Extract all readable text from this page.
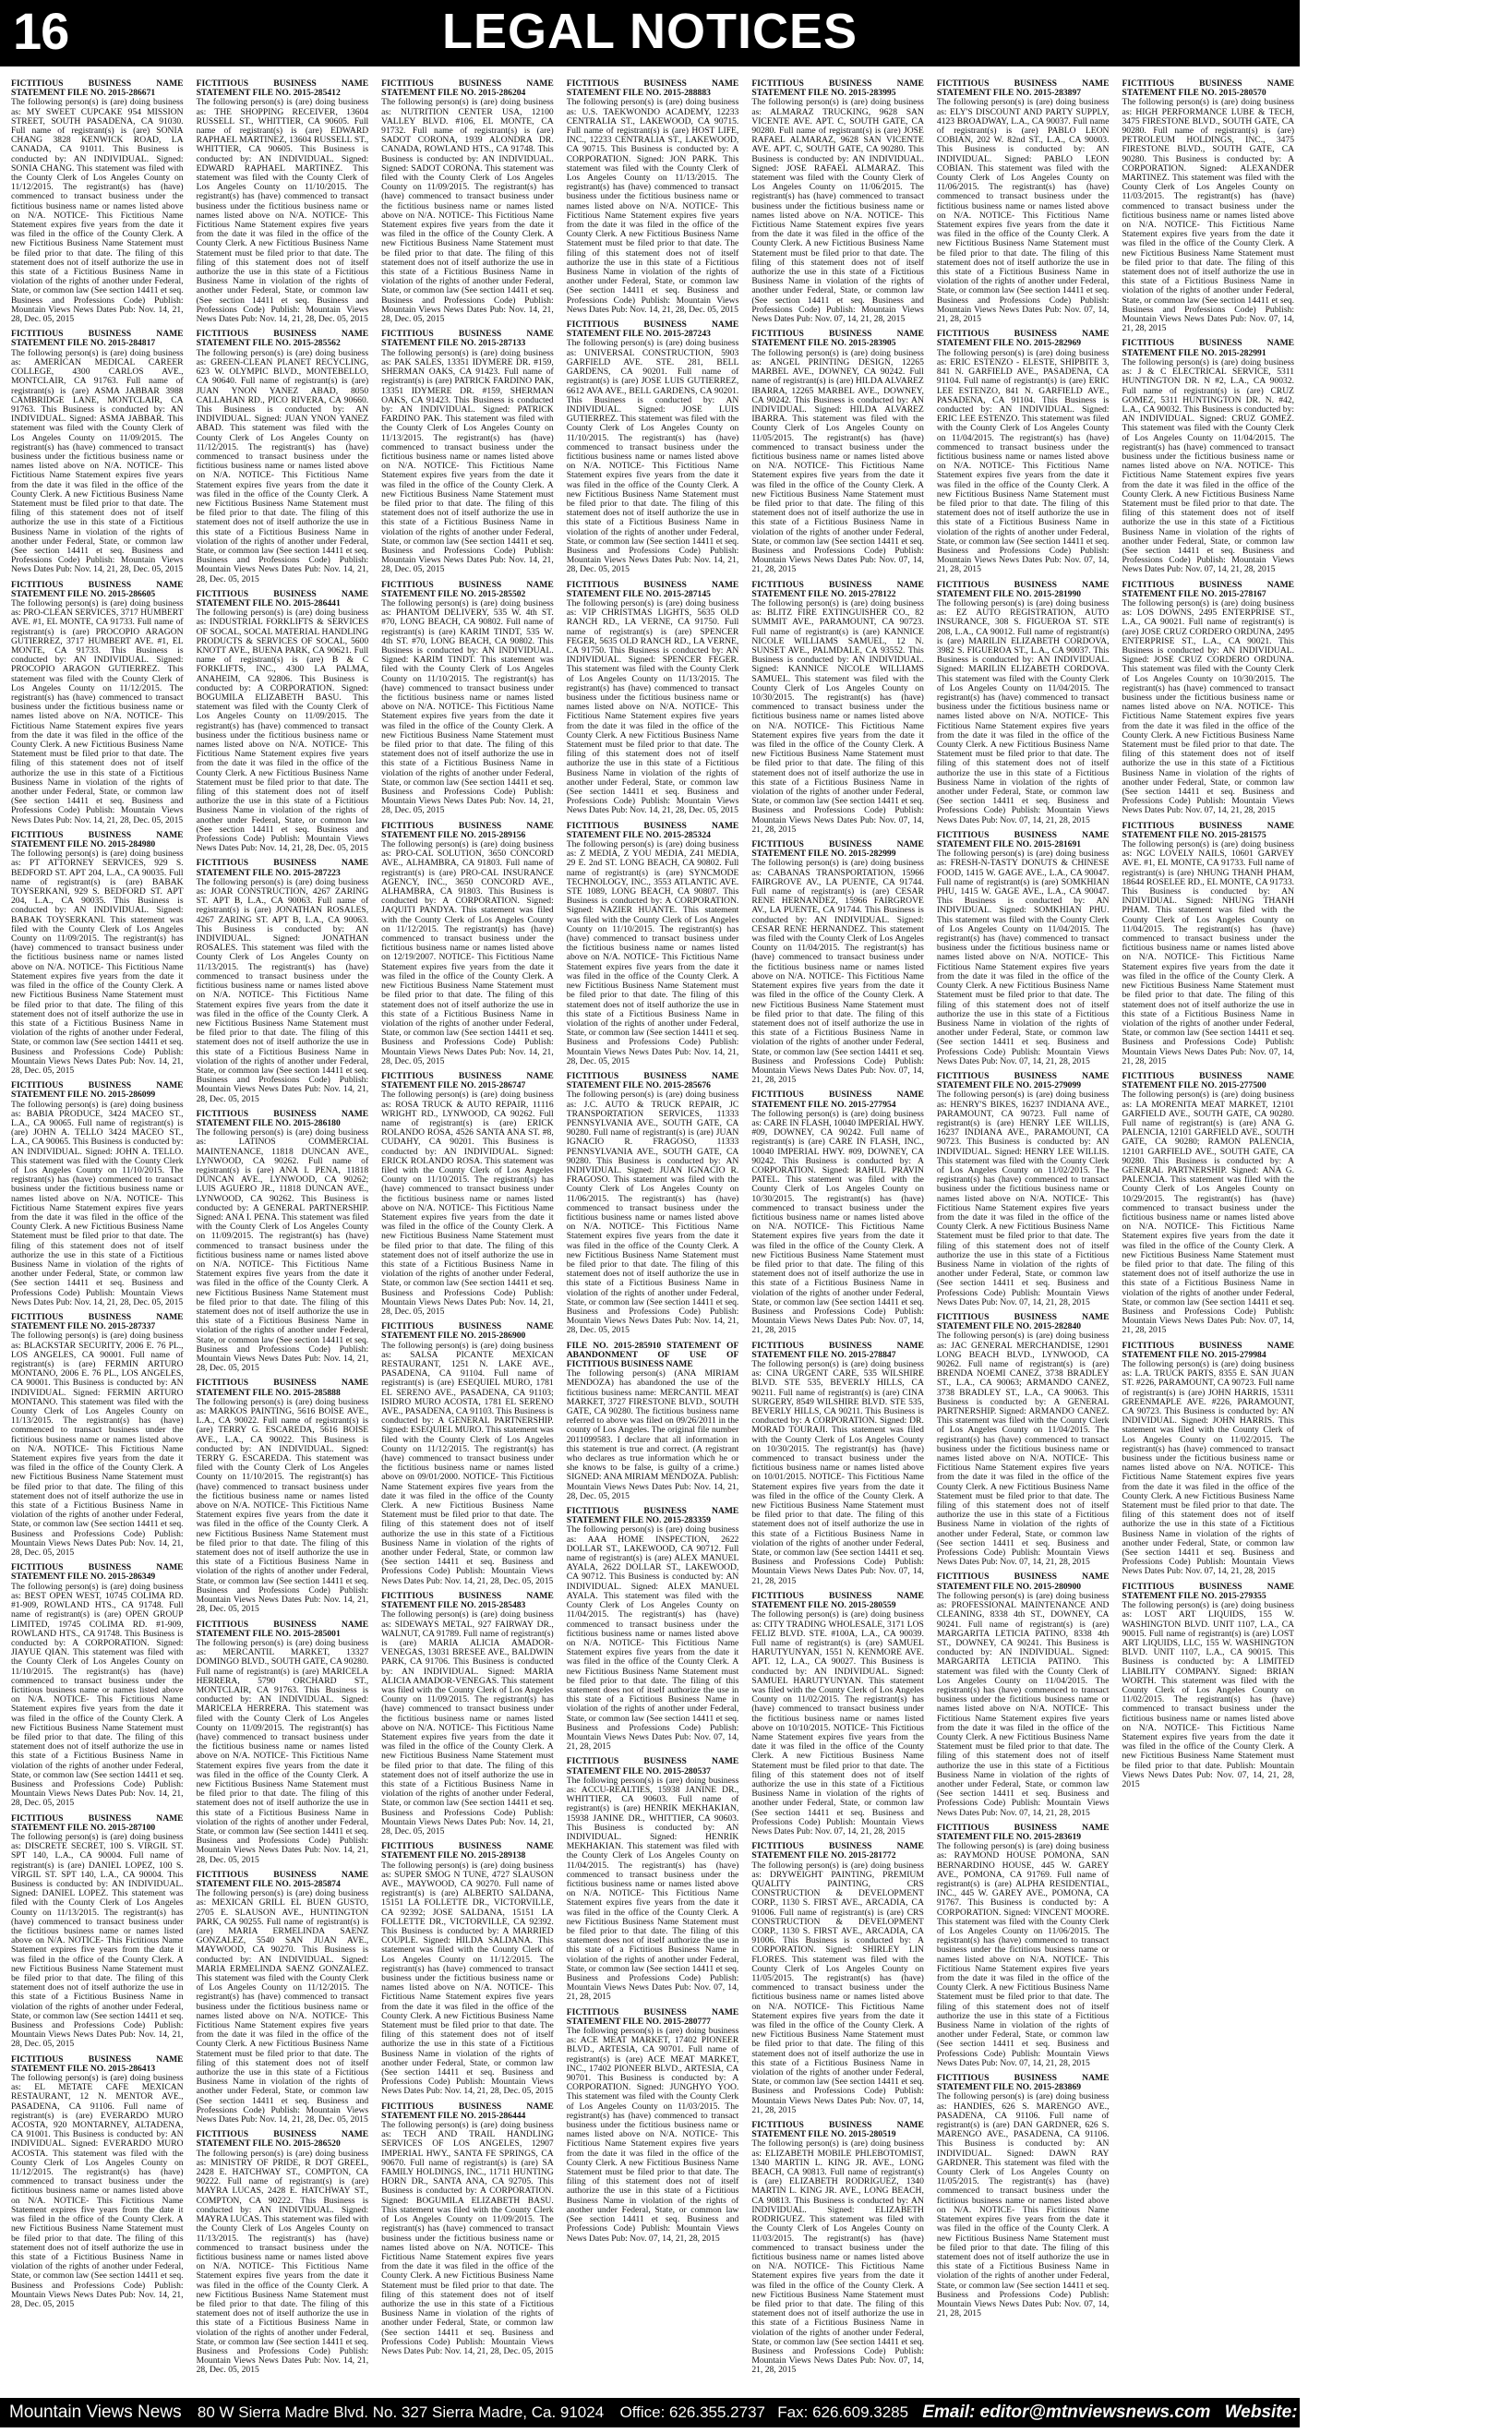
16	LEGAL NOTICES
FICTITIOUS BUSINESS NAME STATEMENT FILE NO. 2015-286671
The following person(s) is (are) doing business as: MY SWEET CUPCAKE 954 MISSION STREET, SOUTH PASADENA, CA 91030. Full name of registrant(s) is (are) SONIA CHANG 3828 KENWICK ROAD, LA CANADA, CA 91011. This Business is conducted by: AN INDIVIDUAL. Signed: SONIA CHANG. This statement was filed with the County Clerk of Los Angeles County on 11/12/2015. The registrant(s) has (have) commenced to transact business under the fictitious business name or names listed above on N/A. NOTICE- This Fictitious Name Statement expires five years from the date it was filed in the office of the County Clerk. A new Fictitious Business Name Statement must be filed prior to that date. The filing of this statement does not of itself authorize the use in this state of a Fictitious Business Name in violation of the rights of another under Federal, State, or common law (See section 14411 et seq. Business and Professions Code) Publish: Mountain Views News Dates Pub: Nov. 14, 21, 28, Dec. 05, 2015
FICTITIOUS BUSINESS NAME STATEMENT FILE NO. 2015-284817
The following person(s) is (are) doing business as: AMERICAN MEDICAL CAREER COLLEGE, 4300 CARLOS AVE., MONTCLAIR, CA 91763. Full name of registrant(s) is (are) ASMA JABBAR 3988 CAMBRIDGE LANE, MONTCLAIR, CA 91763. This Business is conducted by: AN INDIVIDUAL. Signed: ASMA JABBAR. This statement was filed with the County Clerk of Los Angeles County on 11/09/2015. The registrant(s) has (have) commenced to transact business under the fictitious business name or names listed above on N/A. NOTICE- This Fictitious Name Statement expires five years from the date it was filed in the office of the County Clerk. A new Fictitious Business Name Statement must be filed prior to that date. The filing of this statement does not of itself authorize the use in this state of a Fictitious Business Name in violation of the rights of another under Federal, State, or common law (See section 14411 et seq. Business and Professions Code) Publish: Mountain Views News Dates Pub: Nov. 14, 21, 28, Dec. 05, 2015
FICTITIOUS BUSINESS NAME STATEMENT FILE NO. 2015-286605
The following person(s) is (are) doing business as: PRO-CLEAN SERVICES, 3717 HUMBERT AVE. #1, EL MONTE, CA 91733. Full name of registrant(s) is (are) PROCOPIO ARAGON GUTIERREZ, 3717 HUMBERT AVE. #1, EL MONTE, CA 91733. This Business is conducted by: AN INDIVIDUAL. Signed: PROCOPIO ARAGON GUTIERREZ. This statement was filed with the County Clerk of Los Angeles County on 11/12/2015. The registrant(s) has (have) commenced to transact business under the fictitious business name or names listed above on N/A. NOTICE- This Fictitious Name Statement expires five years from the date it was filed in the office of the County Clerk. A new Fictitious Business Name Statement must be filed prior to that date. The filing of this statement does not of itself authorize the use in this state of a Fictitious Business Name in violation of the rights of another under Federal, State, or common law (See section 14411 et seq. Business and Professions Code) Publish: Mountain Views News Dates Pub: Nov. 14, 21, 28, Dec. 05, 2015
FICTITIOUS BUSINESS NAME STATEMENT FILE NO. 2015-284980
The following person(s) is (are) doing business as: PT ATTORNEY SERVICES, 929 S. BEDFORD ST. APT 204, L.A., CA 90035. Full name of registrant(s) is (are) BABAK TOYSERKANI, 929 S. BEDFORD ST. APT 204, L.A., CA 90035. This Business is conducted by: AN INDIVIDUAL. Signed: BABAK TOYSERKANI. This statement was filed with the County Clerk of Los Angeles County on 11/09/2015. The registrant(s) has (have) commenced to transact business under the fictitious business name or names listed above on N/A. NOTICE- This Fictitious Name Statement expires five years from the date it was filed in the office of the County Clerk. A new Fictitious Business Name Statement must be filed prior to that date. The filing of this statement does not of itself authorize the use in this state of a Fictitious Business Name in violation of the rights of another under Federal, State, or common law (See section 14411 et seq. Business and Professions Code) Publish: Mountain Views News Dates Pub: Nov. 14, 21, 28, Dec. 05, 2015
FICTITIOUS BUSINESS NAME STATEMENT FILE NO. 2015-286099
The following person(s) is (are) doing business as: BABIA PRODUCE, 3424 MACEO ST., L.A., CA 90065. Full name of registrant(s) is (are) JOHN A. TELLO 3424 MACEO ST., L.A., CA 90065. This Business is conducted by: AN INDIVIDUAL. Signed: JOHN A. TELLO. This statement was filed with the County Clerk of Los Angeles County on 11/10/2015. The registrant(s) has (have) commenced to transact business under the fictitious business name or names listed above on N/A. NOTICE- This Fictitious Name Statement expires five years from the date it was filed in the office of the County Clerk. A new Fictitious Business Name Statement must be filed prior to that date. The filing of this statement does not of itself authorize the use in this state of a Fictitious Business Name in violation of the rights of another under Federal, State, or common law (See section 14411 et seq. Business and Professions Code) Publish: Mountain Views News Dates Pub: Nov. 14, 21, 28, Dec. 05, 2015
FICTITIOUS BUSINESS NAME STATEMENT FILE NO. 2015-287337
The following person(s) is (are) doing business as: BLACKSTAR SECURITY, 2006 E. 76 PL., LOS ANGELES, CA 90001. Full name of registrant(s) is (are) FERMIN ARTURO MONTANO, 2006 E. 76 PL., LOS ANGELES, CA 90001. This Business is conducted by: AN INDIVIDUAL. Signed: FERMIN ARTURO MONTANO. This statement was filed with the County Clerk of Los Angeles County on 11/13/2015. The registrant(s) has (have) commenced to transact business under the fictitious business name or names listed above on N/A. NOTICE- This Fictitious Name Statement expires five years from the date it was filed in the office of the County Clerk. A new Fictitious Business Name Statement must be filed prior to that date. The filing of this statement does not of itself authorize the use in this state of a Fictitious Business Name in violation of the rights of another under Federal, State, or common law (See section 14411 et seq. Business and Professions Code) Publish: Mountain Views News Dates Pub: Nov. 14, 21, 28, Dec. 05, 2015
FICTITIOUS BUSINESS NAME STATEMENT FILE NO. 2015-286349
The following person(s) is (are) doing business as: BEST OPEN WEST, 10745 COLIMA RD. #1-909, ROWLAND HTS., CA 91748. Full name of registrant(s) is (are) OPEN GROUP LIMITED, 19745 COLIMA RD. #1-909, ROWLAND HTS., CA 91748. This Business is conducted by: A CORPORATION. Signed: JIAYUE QIAN. This statement was filed with the County Clerk of Los Angeles County on 11/10/2015. The registrant(s) has (have) commenced to transact business under the fictitious business name or names listed above on N/A. NOTICE- This Fictitious Name Statement expires five years from the date it was filed in the office of the County Clerk. A new Fictitious Business Name Statement must be filed prior to that date. The filing of this statement does not of itself authorize the use in this state of a Fictitious Business Name in violation of the rights of another under Federal, State, or common law (See section 14411 et seq. Business and Professions Code) Publish: Mountain Views News Dates Pub: Nov. 14, 21, 28, Dec. 05, 2015
FICTITIOUS BUSINESS NAME STATEMENT FILE NO. 2015-287100
The following person(s) is (are) doing business as: DISCRETE SECRET, 100 S. VIRGIL ST. SPT 140, L.A., CA 90004. Full name of registrant(s) is (are) DANIEL LOPEZ, 100 S. VIRGIL ST. SPT 140, L.A., CA 90004. This Business is conducted by: AN INDIVIDUAL. Signed: DANIEL LOPEZ. This statement was filed with the County Clerk of Los Angeles County on 11/13/2015. The registrant(s) has (have) commenced to transact business under the fictitious business name or names listed above on N/A. NOTICE- This Fictitious Name Statement expires five years from the date it was filed in the office of the County Clerk. A new Fictitious Business Name Statement must be filed prior to that date. The filing of this statement does not of itself authorize the use in this state of a Fictitious Business Name in violation of the rights of another under Federal, State, or common law (See section 14411 et seq. Business and Professions Code) Publish: Mountain Views News Dates Pub: Nov. 14, 21, 28, Dec. 05, 2015
FICTITIOUS BUSINESS NAME STATEMENT FILE NO. 2015-286413
The following person(s) is (are) doing business as: EL METATE CAFE MEXICAN RESTAURANT, 12 N. MENTOR AVE., PASADENA, CA 91106. Full name of registrant(s) is (are) EVERARDO MURO ACOSTA, 920 MONTARNEY, ALTADENA, CA 91001. This Business is conducted by: AN INDIVIDUAL. Signed: EVERARDO MURO ACOSTA. This statement was filed with the County Clerk of Los Angeles County on 11/12/2015. The registrant(s) has (have) commenced to transact business under the fictitious business name or names listed above on N/A. NOTICE- This Fictitious Name Statement expires five years from the date it was filed in the office of the County Clerk. A new Fictitious Business Name Statement must be filed prior to that date. The filing of this statement does not of itself authorize the use in this state of a Fictitious Business Name in violation of the rights of another under Federal, State, or common law (See section 14411 et seq. Business and Professions Code) Publish: Mountain Views News Dates Pub: Nov. 14, 21, 28, Dec. 05, 2015
FICTITIOUS BUSINESS NAME STATEMENT FILE NO. 2015-285412
The following person(s) is (are) doing business as: THE SHOPPING RECEIVER, 13604 RUSSELL ST., WHITTIER, CA 90605. Full name of registrant(s) is (are) EDWARD RAPHAEL MARTINEZ, 13604 RUSSELL ST., WHITTIER, CA 90605. This Business is conducted by: AN INDIVIDUAL. Signed: EDWARD RAPHAEL MARTINEZ. This statement was filed with the County Clerk of Los Angeles County on 11/10/2015. The registrant(s) has (have) commenced to transact business under the fictitious business name or names listed above on N/A. NOTICE- This Fictitious Name Statement expires five years from the date it was filed in the office of the County Clerk. A new Fictitious Business Name Statement must be filed prior to that date. The filing of this statement does not of itself authorize the use in this state of a Fictitious Business Name in violation of the rights of another under Federal, State, or common law (See section 14411 et seq. Business and Professions Code) Publish: Mountain Views News Dates Pub: Nov. 14, 21, 28, Dec. 05, 2015
FICTITIOUS BUSINESS NAME STATEMENT FILE NO. 2015-285562
The following person(s) is (are) doing business as: GREEN-CLEAN PLANET RECYCLING, 623 W. OLYMPIC BLVD., MONTEBELLO, CA 90640. Full name of registrant(s) is (are) JUAN YNON YANEZ ABAD, 8050 CALLAHAN RD., PICO RIVERA, CA 90660. This Business is conducted by: AN INDIVIDUAL. Signed: JUAN YNON YANEZ ABAD. This statement was filed with the County Clerk of Los Angeles County on 11/12/2015. The registrant(s) has (have) commenced to transact business under the fictitious business name or names listed above on N/A. NOTICE- This Fictitious Name Statement expires five years from the date it was filed in the office of the County Clerk. A new Fictitious Business Name Statement must be filed prior to that date. The filing of this statement does not of itself authorize the use in this state of a Fictitious Business Name in violation of the rights of another under Federal, State, or common law (See section 14411 et seq. Business and Professions Code) Publish: Mountain Views News Dates Pub: Nov. 14, 21, 28, Dec. 05, 2015
FICTITIOUS BUSINESS NAME STATEMENT FILE NO. 2015-286441
The following person(s) is (are) doing business as: INDUSTRIAL FORKLIFTS & SERVICES OF SOCAL, SOCAL MATERIAL HANDLING PRODUCTS & SERVICES OF SOCAL, 5600 KNOTT AVE., BUENA PARK, CA 90621. Full name of registrant(s) is (are) B & C FORKLIFTS, INC., 4300 LA PALMA, ANAHEIM, CA 92806. This Business is conducted by: A CORPORATION. Signed: BOGUMILA ELIZABETH BASU. This statement was filed with the County Clerk of Los Angeles County on 11/09/2015. The registrant(s) has (have) commenced to transact business under the fictitious business name or names listed above on N/A. NOTICE- This Fictitious Name Statement expires five years from the date it was filed in the office of the County Clerk. A new Fictitious Business Name Statement must be filed prior to that date. The filing of this statement does not of itself authorize the use in this state of a Fictitious Business Name in violation of the rights of another under Federal, State, or common law (See section 14411 et seq. Business and Professions Code) Publish: Mountain Views News Dates Pub: Nov. 14, 21, 28, Dec. 05, 2015
FICTITIOUS BUSINESS NAME STATEMENT FILE NO. 2015-287223
The following person(s) is (are) doing business as: JOAR CONSTRUCTION, 4267 ZARING ST. APT B, L.A., CA 90063. Full name of registrant(s) is (are) JONATHAN ROSALES, 4267 ZARING ST. APT B, L.A., CA 90063. This Business is conducted by: AN INDIVIDUAL. Signed: JONATHAN ROSALES. This statement was filed with the County Clerk of Los Angeles County on 11/13/2015. The registrant(s) has (have) commenced to transact business under the fictitious business name or names listed above on N/A. NOTICE- This Fictitious Name Statement expires five years from the date it was filed in the office of the County Clerk. A new Fictitious Business Name Statement must be filed prior to that date. The filing of this statement does not of itself authorize the use in this state of a Fictitious Business Name in violation of the rights of another under Federal, State, or common law (See section 14411 et seq. Business and Professions Code) Publish: Mountain Views News Dates Pub: Nov. 14, 21, 28, Dec. 05, 2015
FICTITIOUS BUSINESS NAME STATEMENT FILE NO. 2015-286180
The following person(s) is (are) doing business as: LATINOS COMMERCIAL MAINTENANCE, 11818 DUNCAN AVE., LYNWOOD, CA 90262. Full name of registrant(s) is (are) ANA I. PENA, 11818 DUNCAN AVE., LYNWOOD, CA 90262; LUIS AGUERO JR., 11818 DUNCAN AVE., LYNWOOD, CA 90262. This Business is conducted by: A GENERAL PARTNERSHIP. Signed: ANA I. PENA. This statement was filed with the County Clerk of Los Angeles County on 11/09/2015. The registrant(s) has (have) commenced to transact business under the fictitious business name or names listed above on N/A. NOTICE- This Fictitious Name Statement expires five years from the date it was filed in the office of the County Clerk. A new Fictitious Business Name Statement must be filed prior to that date. The filing of this statement does not of itself authorize the use in this state of a Fictitious Business Name in violation of the rights of another under Federal, State, or common law (See section 14411 et seq. Business and Professions Code) Publish: Mountain Views News Dates Pub: Nov. 14, 21, 28, Dec. 05, 2015
FICTITIOUS BUSINESS NAME STATEMENT FILE NO. 2015-285888
The following person(s) is (are) doing business as: MARKOS PAINTING, 5616 BOISE AVE., L.A., CA 90022. Full name of registrant(s) is (are) TERRY G. ESCAREDA, 5616 BOISE AVE., L.A., CA 90022. This Business is conducted by: AN INDIVIDUAL. Signed: TERRY G. ESCAREDA. This statement was filed with the County Clerk of Los Angeles County on 11/10/2015. The registrant(s) has (have) commenced to transact business under the fictitious business name or names listed above on N/A. NOTICE- This Fictitious Name Statement expires five years from the date it was filed in the office of the County Clerk. A new Fictitious Business Name Statement must be filed prior to that date. The filing of this statement does not of itself authorize the use in this state of a Fictitious Business Name in violation of the rights of another under Federal, State, or common law (See section 14411 et seq. Business and Professions Code) Publish: Mountain Views News Dates Pub: Nov. 14, 21, 28, Dec. 05, 2015
FICTITIOUS BUSINESS NAME STATEMENT FILE NO. 2015-285001
The following person(s) is (are) doing business as: MERCANTIL MARKET, 13327 DOMINGO BLVD., SOUTH GATE, CA 90280. Full name of registrant(s) is (are) MARICELA HERRERA, 5790 ORCHARD ST., MONTCLAIR, CA 91763. This Business is conducted by: AN INDIVIDUAL. Signed: MARICELA HERRERA. This statement was filed with the County Clerk of Los Angeles County on 11/09/2015. The registrant(s) has (have) commenced to transact business under the fictitious business name or names listed above on N/A. NOTICE- This Fictitious Name Statement expires five years from the date it was filed in the office of the County Clerk. A new Fictitious Business Name Statement must be filed prior to that date. The filing of this statement does not of itself authorize the use in this state of a Fictitious Business Name in violation of the rights of another under Federal, State, or common law (See section 14411 et seq. Business and Professions Code) Publish: Mountain Views News Dates Pub: Nov. 14, 21, 28, Dec. 05, 2015
FICTITIOUS BUSINESS NAME STATEMENT FILE NO. 2015-285874
The following person(s) is (are) doing business as: MEXICAN GRILL EL BUEN GUSTO, 2705 E. SLAUSON AVE., HUNTINGTON PARK, CA 90255. Full name of registrant(s) is (are) MARIA ERMELINDA SAENZ GONZALEZ, 5540 SAN JUAN AVE., MAYWOOD, CA 90270. This Business is conducted by: AN INDIVIDUAL. Signed: MARIA ERMELINDA SAENZ GONZALEZ. This statement was filed with the County Clerk of Los Angeles County on 11/12/2015. The registrant(s) has (have) commenced to transact business under the fictitious business name or names listed above on N/A. NOTICE- This Fictitious Name Statement expires five years from the date it was filed in the office of the County Clerk. A new Fictitious Business Name Statement must be filed prior to that date. The filing of this statement does not of itself authorize the use in this state of a Fictitious Business Name in violation of the rights of another under Federal, State, or common law (See section 14411 et seq. Business and Professions Code) Publish: Mountain Views News Dates Pub: Nov. 14, 21, 28, Dec. 05, 2015
FICTITIOUS BUSINESS NAME STATEMENT FILE NO. 2015-286520
The following person(s) is (are) doing business as: MINISTRY OF PRIDE, R DOT GREEL, 2428 E. HATCHWAY ST., COMPTON, CA 90222. Full name of registrant(s) is (are) MAYRA LUCAS, 2428 E. HATCHWAY ST., COMPTON, CA 90222. This Business is conducted by: AN INDIVIDUAL. Signed: MAYRA LUCAS. This statement was filed with the County Clerk of Los Angeles County on 11/13/2015. The registrant(s) has (have) commenced to transact business under the fictitious business name or names listed above on N/A. NOTICE- This Fictitious Name Statement expires five years from the date it was filed in the office of the County Clerk. A new Fictitious Business Name Statement must be filed prior to that date. The filing of this statement does not of itself authorize the use in this state of a Fictitious Business Name in violation of the rights of another under Federal, State, or common law (See section 14411 et seq. Business and Professions Code) Publish: Mountain Views News Dates Pub: Nov. 14, 21, 28, Dec. 05, 2015
FICTITIOUS BUSINESS NAME STATEMENT FILE NO. 2015-286204
The following person(s) is (are) doing business as: NUTRITION CENTER USA, 12100 VALLEY BLVD. #106, EL MONTE, CA 91732. Full name of registrant(s) is (are) SADOT CORONA, 1939 ALONDRA DR. CANADA, ROWLAND HTS., CA 91748. This Business is conducted by: AN INDIVIDUAL. Signed: SADOT CORONA. This statement was filed with the County Clerk of Los Angeles County on 11/09/2015. The registrant(s) has (have) commenced to transact business under the fictitious business name or names listed above on N/A. NOTICE- This Fictitious Name Statement expires five years from the date it was filed in the office of the County Clerk. A new Fictitious Business Name Statement must be filed prior to that date. The filing of this statement does not of itself authorize the use in this state of a Fictitious Business Name in violation of the rights of another under Federal, State, or common law (See section 14411 et seq. Business and Professions Code) Publish: Mountain Views News Dates Pub: Nov. 14, 21, 28, Dec. 05, 2015
FICTITIOUS BUSINESS NAME STATEMENT FILE NO. 2015-287133
The following person(s) is (are) doing business as: PAK SALES, 13351 IDYMERE DR. #159, SHERMAN OAKS, CA 91423. Full name of registrant(s) is (are) PATRICK FARDINO PAK, 13351 IDYMERE DR. #159, SHERMAN OAKS, CA 91423. This Business is conducted by: AN INDIVIDUAL. Signed: PATRICK FARDINO PAK. This statement was filed with the County Clerk of Los Angeles County on 11/13/2015. The registrant(s) has (have) commenced to transact business under the fictitious business name or names listed above on N/A. NOTICE- This Fictitious Name Statement expires five years from the date it was filed in the office of the County Clerk. A new Fictitious Business Name Statement must be filed prior to that date. The filing of this statement does not of itself authorize the use in this state of a Fictitious Business Name in violation of the rights of another under Federal, State, or common law (See section 14411 et seq. Business and Professions Code) Publish: Mountain Views News Dates Pub: Nov. 14, 21, 28, Dec. 05, 2015
FICTITIOUS BUSINESS NAME STATEMENT FILE NO. 2015-285502
The following person(s) is (are) doing business as: PHANTOM DELIVERY, 535 W. 4th ST. #70, LONG BEACH, CA 90802. Full name of registrant(s) is (are) KARIM TINDT, 535 W. 4th ST. #70, LONG BEACH, CA 90802. This Business is conducted by: AN INDIVIDUAL. Signed: KARIM TINDT. This statement was filed with the County Clerk of Los Angeles County on 11/10/2015. The registrant(s) has (have) commenced to transact business under the fictitious business name or names listed above on N/A. NOTICE- This Fictitious Name Statement expires five years from the date it was filed in the office of the County Clerk. A new Fictitious Business Name Statement must be filed prior to that date. The filing of this statement does not of itself authorize the use in this state of a Fictitious Business Name in violation of the rights of another under Federal, State, or common law (See section 14411 et seq. Business and Professions Code) Publish: Mountain Views News Dates Pub: Nov. 14, 21, 28, Dec. 05, 2015
FICTITIOUS BUSINESS NAME STATEMENT FILE NO. 2015-289156
The following person(s) is (are) doing business as: PRO-CAL SOLUTION, 3650 CONCORD AVE., ALHAMBRA, CA 91803. Full name of registrant(s) is (are) PRO-CAL INSURANCE AGENCY, INC., 3650 CONCORD AVE., ALHAMBRA, CA 91803. This Business is conducted by: A CORPORATION. Signed: JAQUITI PANDYA. This statement was filed with the County Clerk of Los Angeles County on 11/12/2015. The registrant(s) has (have) commenced to transact business under the fictitious business name or names listed above on 12/19/2007. NOTICE- This Fictitious Name Statement expires five years from the date it was filed in the office of the County Clerk. A new Fictitious Business Name Statement must be filed prior to that date. The filing of this statement does not of itself authorize the use in this state of a Fictitious Business Name in violation of the rights of another under Federal, State, or common law (See section 14411 et seq. Business and Professions Code) Publish: Mountain Views News Dates Pub: Nov. 14, 21, 28, Dec. 05, 2015
FICTITIOUS BUSINESS NAME STATEMENT FILE NO. 2015-286747
The following person(s) is (are) doing business as: ROSA TRUCK & AUTO REPAIR, 11116 WRIGHT RD., LYNWOOD, CA 90262. Full name of registrant(s) is (are) ERICK ROLANDO ROSA, 4526 SANTA ANA ST. #8, CUDAHY, CA 90201. This Business is conducted by: AN INDIVIDUAL. Signed: ERICK ROLANDO ROSA. This statement was filed with the County Clerk of Los Angeles County on 11/10/2015. The registrant(s) has (have) commenced to transact business under the fictitious business name or names listed above on N/A. NOTICE- This Fictitious Name Statement expires five years from the date it was filed in the office of the County Clerk. A new Fictitious Business Name Statement must be filed prior to that date. The filing of this statement does not of itself authorize the use in this state of a Fictitious Business Name in violation of the rights of another under Federal, State, or common law (See section 14411 et seq. Business and Professions Code) Publish: Mountain Views News Dates Pub: Nov. 14, 21, 28, Dec. 05, 2015
FICTITIOUS BUSINESS NAME STATEMENT FILE NO. 2015-286900
The following person(s) is (are) doing business as: SALSA PICANTE MEXICAN RESTAURANT, 1251 N. LAKE AVE., PASADENA, CA 91104. Full name of registrant(s) is (are) ESEQUIEL MURO, 1781 EL SERENO AVE., PASADENA, CA 91103; ISIDRO MURO ACOSTA, 1781 EL SERENO AVE., PASADENA, CA 91103. This Business is conducted by: A GENERAL PARTNERSHIP. Signed: ESEQUIEL MURO. This statement was filed with the County Clerk of Los Angeles County on 11/12/2015. The registrant(s) has (have) commenced to transact business under the fictitious business name or names listed above on 09/01/2000. NOTICE- This Fictitious Name Statement expires five years from the date it was filed in the office of the County Clerk. A new Fictitious Business Name Statement must be filed prior to that date. The filing of this statement does not of itself authorize the use in this state of a Fictitious Business Name in violation of the rights of another under Federal, State, or common law (See section 14411 et seq. Business and Professions Code) Publish: Mountain Views News Dates Pub: Nov. 14, 21, 28, Dec. 05, 2015
FICTITIOUS BUSINESS NAME STATEMENT FILE NO. 2015-285483
The following person(s) is (are) doing business as: SIDEWAYS METAL, 927 FAIRWAY DR., WALNUT, CA 91789. Full name of registrant(s) is (are) MARIA ALICIA AMADOR-VENEGAS, 13031 BRESEE AVE., BALDWIN PARK, CA 91706. This Business is conducted by: AN INDIVIDUAL. Signed: MARIA ALICIA AMADOR-VENEGAS. This statement was filed with the County Clerk of Los Angeles County on 11/09/2015. The registrant(s) has (have) commenced to transact business under the fictitious business name or names listed above on N/A. NOTICE- This Fictitious Name Statement expires five years from the date it was filed in the office of the County Clerk. A new Fictitious Business Name Statement must be filed prior to that date. The filing of this statement does not of itself authorize the use in this state of a Fictitious Business Name in violation of the rights of another under Federal, State, or common law (See section 14411 et seq. Business and Professions Code) Publish: Mountain Views News Dates Pub: Nov. 14, 21, 28, Dec. 05, 2015
FICTITIOUS BUSINESS NAME STATEMENT FILE NO. 2015-289138
The following person(s) is (are) doing business as: SUPER SMOG N TUNE, 4727 SLAUSON AVE., MAYWOOD, CA 90270. Full name of registrant(s) is (are) ALBERTO SALDANA, 15151 LA FOLLETTE DR., VICTORVILLE, CA 92392; JOSE SALDANA, 15151 LA FOLLETTE DR., VICTORVILLE, CA 92392. This Business is conducted by: A MARRIED COUPLE. Signed: HILDA SALDANA. This statement was filed with the County Clerk of Los Angeles County on 11/12/2015. The registrant(s) has (have) commenced to transact business under the fictitious business name or names listed above on N/A. NOTICE- This Fictitious Name Statement expires five years from the date it was filed in the office of the County Clerk. A new Fictitious Business Name Statement must be filed prior to that date. The filing of this statement does not of itself authorize the use in this state of a Fictitious Business Name in violation of the rights of another under Federal, State, or common law (See section 14411 et seq. Business and Professions Code) Publish: Mountain Views News Dates Pub: Nov. 14, 21, 28, Dec. 05, 2015
FICTITIOUS BUSINESS NAME STATEMENT FILE NO. 2015-286444
The following person(s) is (are) doing business as: TECH AND TRAIL HANDLING SERVICES OF LOS ANGELES, 12907 IMPERIAL HWY., SANTA FE SPRINGS, CA 90670. Full name of registrant(s) is (are) SA FAMILY HOLDINGS, INC., 11711 HUNTING HORN DR., SANTA ANA, CA 92705. This Business is conducted by: A CORPORATION. Signed: BOGUMILA ELIZABETH BASU. This statement was filed with the County Clerk of Los Angeles County on 11/09/2015. The registrant(s) has (have) commenced to transact business under the fictitious business name or names listed above on N/A. NOTICE- This Fictitious Name Statement expires five years from the date it was filed in the office of the County Clerk. A new Fictitious Business Name Statement must be filed prior to that date. The filing of this statement does not of itself authorize the use in this state of a Fictitious Business Name in violation of the rights of another under Federal, State, or common law (See section 14411 et seq. Business and Professions Code) Publish: Mountain Views News Dates Pub: Nov. 14, 21, 28, Dec. 05, 2015
FICTITIOUS BUSINESS NAME STATEMENT FILE NO. 2015-288883
The following person(s) is (are) doing business as: U.S. TAEKWONDO ACADEMY, 12233 CENTRALIA ST., LAKEWOOD, CA 90715. Full name of registrant(s) is (are) HOST LIFE, INC., 12233 CENTRALIA ST., LAKEWOOD, CA 90715. This Business is conducted by: A CORPORATION. Signed: JON PARK. This statement was filed with the County Clerk of Los Angeles County on 11/13/2015. The registrant(s) has (have) commenced to transact business under the fictitious business name or names listed above on N/A. NOTICE- This Fictitious Name Statement expires five years from the date it was filed in the office of the County Clerk. A new Fictitious Business Name Statement must be filed prior to that date. The filing of this statement does not of itself authorize the use in this state of a Fictitious Business Name in violation of the rights of another under Federal, State, or common law (See section 14411 et seq. Business and Professions Code) Publish: Mountain Views News Dates Pub: Nov. 14, 21, 28, Dec. 05, 2015
FICTITIOUS BUSINESS NAME STATEMENT FILE NO. 2015-287243
The following person(s) is (are) doing business as: UNIVERSAL CONSTRUCTION, 5903 GARFIELD AVE. STE. 281, BELL GARDENS, CA 90201. Full name of registrant(s) is (are) JOSE LUIS GUTIERREZ, 6612 AVA AVE., BELL GARDENS, CA 90201. This Business is conducted by: AN INDIVIDUAL. Signed: JOSE LUIS GUTIERREZ. This statement was filed with the County Clerk of Los Angeles County on 11/10/2015. The registrant(s) has (have) commenced to transact business under the fictitious business name or names listed above on N/A. NOTICE- This Fictitious Name Statement expires five years from the date it was filed in the office of the County Clerk. A new Fictitious Business Name Statement must be filed prior to that date. The filing of this statement does not of itself authorize the use in this state of a Fictitious Business Name in violation of the rights of another under Federal, State, or common law (See section 14411 et seq. Business and Professions Code) Publish: Mountain Views News Dates Pub: Nov. 14, 21, 28, Dec. 05, 2015
FICTITIOUS BUSINESS NAME STATEMENT FILE NO. 2015-287145
The following person(s) is (are) doing business as: VIP CHRISTMAS LIGHTS, 5635 OLD RANCH RD., LA VERNE, CA 91750. Full name of registrant(s) is (are) SPENCER FEGER, 5635 OLD RANCH RD., LA VERNE, CA 91750. This Business is conducted by: AN INDIVIDUAL. Signed: SPENCER FEGER. This statement was filed with the County Clerk of Los Angeles County on 11/13/2015. The registrant(s) has (have) commenced to transact business under the fictitious business name or names listed above on N/A. NOTICE- This Fictitious Name Statement expires five years from the date it was filed in the office of the County Clerk. A new Fictitious Business Name Statement must be filed prior to that date. The filing of this statement does not of itself authorize the use in this state of a Fictitious Business Name in violation of the rights of another under Federal, State, or common law (See section 14411 et seq. Business and Professions Code) Publish: Mountain Views News Dates Pub: Nov. 14, 21, 28, Dec. 05, 2015
FICTITIOUS BUSINESS NAME STATEMENT FILE NO. 2015-285324
The following person(s) is (are) doing business as: Z MEDIA, Z YOU MEDIA, Z41 MEDIA, 29 E. 2nd ST. LONG BEACH, CA 90802. Full name of registrant(s) is (are) SYNCMODE TECHNOLOGY, INC., 3553 ATLANTIC AVE. STE 1089, LONG BEACH, CA 90807. This Business is conducted by: A CORPORATION. Signed: NAZIER HUANTE. This statement was filed with the County Clerk of Los Angeles County on 11/10/2015. The registrant(s) has (have) commenced to transact business under the fictitious business name or names listed above on N/A. NOTICE- This Fictitious Name Statement expires five years from the date it was filed in the office of the County Clerk. A new Fictitious Business Name Statement must be filed prior to that date. The filing of this statement does not of itself authorize the use in this state of a Fictitious Business Name in violation of the rights of another under Federal, State, or common law (See section 14411 et seq. Business and Professions Code) Publish: Mountain Views News Dates Pub: Nov. 14, 21, 28, Dec. 05, 2015
FICTITIOUS BUSINESS NAME STATEMENT FILE NO. 2015-285676
The following person(s) is (are) doing business as: J.C. AUTO & TRUCK REPAIR, JC TRANSPORTATION SERVICES, 11333 PENNSYLVANIA AVE., SOUTH GATE, CA 90280. Full name of registrant(s) is (are) JUAN IGNACIO R. FRAGOSO, 11333 PENNSYLVANIA AVE., SOUTH GATE, CA 90280. This Business is conducted by: AN INDIVIDUAL. Signed: JUAN IGNACIO R. FRAGOSO. This statement was filed with the County Clerk of Los Angeles County on 11/06/2015. The registrant(s) has (have) commenced to transact business under the fictitious business name or names listed above on N/A. NOTICE- This Fictitious Name Statement expires five years from the date it was filed in the office of the County Clerk. A new Fictitious Business Name Statement must be filed prior to that date. The filing of this statement does not of itself authorize the use in this state of a Fictitious Business Name in violation of the rights of another under Federal, State, or common law (See section 14411 et seq. Business and Professions Code) Publish: Mountain Views News Dates Pub: Nov. 14, 21, 28, Dec. 05, 2015
FILE NO. 2015-285910 STATEMENT OF ABANDONMENT OF USE OF FICTITIOUS BUSINESS NAME
The following person(s) (ANA MIRIAM MENDOZA) has abandoned the use of the fictitious business name: MERCANTIL MEAT MARKET, 3727 FIRESTONE BLVD., SOUTH GATE, CA 90280. The fictitious business name referred to above was filed on 09/26/2011 in the county of Los Angeles. The original file number 2011099583. I declare that all information in this statement is true and correct. (A registrant who declares as true information which he or she knows to be false, is guilty of a crime.) SIGNED: ANA MIRIAM MENDOZA. Publish: Mountain Views News Dates Pub: Nov. 14, 21, 28, Dec. 05, 2015
FICTITIOUS BUSINESS NAME STATEMENT FILE NO. 2015-283359
The following person(s) is (are) doing business as: AAA HOME INSPECTION, 2622 DOLLAR ST., LAKEWOOD, CA 90712. Full name of registrant(s) is (are) ALEX MANUEL AYALA, 2622 DOLLAR ST., LAKEWOOD, CA 90712. This Business is conducted by: AN INDIVIDUAL. Signed: ALEX MANUEL AYALA. This statement was filed with the County Clerk of Los Angeles County on 11/04/2015. The registrant(s) has (have) commenced to transact business under the fictitious business name or names listed above on N/A. NOTICE- This Fictitious Name Statement expires five years from the date it was filed in the office of the County Clerk. A new Fictitious Business Name Statement must be filed prior to that date. The filing of this statement does not of itself authorize the use in this state of a Fictitious Business Name in violation of the rights of another under Federal, State, or common law (See section 14411 et seq. Business and Professions Code) Publish: Mountain Views News Dates Pub: Nov. 07, 14, 21, 28, 2015
FICTITIOUS BUSINESS NAME STATEMENT FILE NO. 2015-280537
The following person(s) is (are) doing business as: ACCU-REALTIES, 15938 JANINE DR., WHITTIER, CA 90603. Full name of registrant(s) is (are) HENRIK MEKHAKIAN, 15938 JANINE DR., WHITTIER, CA 90603. This Business is conducted by: AN INDIVIDUAL. Signed: HENRIK MEKHAKIAN. This statement was filed with the County Clerk of Los Angeles County on 11/04/2015. The registrant(s) has (have) commenced to transact business under the fictitious business name or names listed above on N/A. NOTICE- This Fictitious Name Statement expires five years from the date it was filed in the office of the County Clerk. A new Fictitious Business Name Statement must be filed prior to that date. The filing of this statement does not of itself authorize the use in this state of a Fictitious Business Name in violation of the rights of another under Federal, State, or common law (See section 14411 et seq. Business and Professions Code) Publish: Mountain Views News Dates Pub: Nov. 07, 14, 21, 28, 2015
FICTITIOUS BUSINESS NAME STATEMENT FILE NO. 2015-280777
The following person(s) is (are) doing business as: ACE MEAT MARKET, 17402 PIONEER BLVD., ARTESIA, CA 90701. Full name of registrant(s) is (are) ACE MEAT MARKET, INC., 17402 PIONEER BLVD., ARTESIA, CA 90701. This Business is conducted by: A CORPORATION. Signed: JUNGHYO YOO. This statement was filed with the County Clerk of Los Angeles County on 11/03/2015. The registrant(s) has (have) commenced to transact business under the fictitious business name or names listed above on N/A. NOTICE- This Fictitious Name Statement expires five years from the date it was filed in the office of the County Clerk. A new Fictitious Business Name Statement must be filed prior to that date. The filing of this statement does not of itself authorize the use in this state of a Fictitious Business Name in violation of the rights of another under Federal, State, or common law (See section 14411 et seq. Business and Professions Code) Publish: Mountain Views News Dates Pub: Nov. 07, 14, 21, 28, 2015
FICTITIOUS BUSINESS NAME STATEMENT FILE NO. 2015-283995
The following person(s) is (are) doing business as: ALMARAZ TRUCKING, 9628 SAN VICENTE AVE. APT. C, SOUTH GATE, CA 90280. Full name of registrant(s) is (are) JOSE RAFAEL ALMARAZ, 9628 SAN VICENTE AVE. APT. C, SOUTH GATE, CA 90280. This Business is conducted by: AN INDIVIDUAL. Signed: JOSE RAFAEL ALMARAZ. This statement was filed with the County Clerk of Los Angeles County on 11/06/2015. The registrant(s) has (have) commenced to transact business under the fictitious business name or names listed above on N/A. NOTICE- This Fictitious Name Statement expires five years from the date it was filed in the office of the County Clerk. A new Fictitious Business Name Statement must be filed prior to that date. The filing of this statement does not of itself authorize the use in this state of a Fictitious Business Name in violation of the rights of another under Federal, State, or common law (See section 14411 et seq. Business and Professions Code) Publish: Mountain Views News Dates Pub: Nov. 07, 14, 21, 28, 2015
FICTITIOUS BUSINESS NAME STATEMENT FILE NO. 2015-283905
The following person(s) is (are) doing business as: ANGEL PRINTING DESIGN, 12265 MARBEL AVE., DOWNEY, CA 90242. Full name of registrant(s) is (are) HILDA ALVAREZ IBARRA, 12265 MARBEL AVE., DOWNEY, CA 90242. This Business is conducted by: AN INDIVIDUAL. Signed: HILDA ALVAREZ IBARRA. This statement was filed with the County Clerk of Los Angeles County on 11/05/2015. The registrant(s) has (have) commenced to transact business under the fictitious business name or names listed above on N/A. NOTICE- This Fictitious Name Statement expires five years from the date it was filed in the office of the County Clerk. A new Fictitious Business Name Statement must be filed prior to that date. The filing of this statement does not of itself authorize the use in this state of a Fictitious Business Name in violation of the rights of another under Federal, State, or common law (See section 14411 et seq. Business and Professions Code) Publish: Mountain Views News Dates Pub: Nov. 07, 14, 21, 28, 2015
FICTITIOUS BUSINESS NAME STATEMENT FILE NO. 2015-278122
The following person(s) is (are) doing business as: BLITZ FIRE EXTINGUISHER CO., 82 SUMMIT AVE., PARAMOUNT, CA 90723. Full name of registrant(s) is (are) KANNICE NICOLE WILLIAMS SAMUEL, 12 N. SUNSET AVE., PALMDALE, CA 93552. This Business is conducted by: AN INDIVIDUAL. Signed: KANNICE NICOLE WILLIAMS SAMUEL. This statement was filed with the County Clerk of Los Angeles County on 10/30/2015. The registrant(s) has (have) commenced to transact business under the fictitious business name or names listed above on N/A. NOTICE- This Fictitious Name Statement expires five years from the date it was filed in the office of the County Clerk. A new Fictitious Business Name Statement must be filed prior to that date. The filing of this statement does not of itself authorize the use in this state of a Fictitious Business Name in violation of the rights of another under Federal, State, or common law (See section 14411 et seq. Business and Professions Code) Publish: Mountain Views News Dates Pub: Nov. 07, 14, 21, 28, 2015
FICTITIOUS BUSINESS NAME STATEMENT FILE NO. 2015-282999
The following person(s) is (are) doing business as: CABANAS TRANSPORTATION, 15966 FAIRGROVE AV., LA PUENTE, CA 91744. Full name of registrant(s) is (are) CESAR RENE HERNANDEZ, 15966 FAIRGROVE AV., LA PUENTE, CA 91744. This Business is conducted by: AN INDIVIDUAL. Signed: CESAR RENE HERNANDEZ. This statement was filed with the County Clerk of Los Angeles County on 11/04/2015. The registrant(s) has (have) commenced to transact business under the fictitious business name or names listed above on N/A. NOTICE- This Fictitious Name Statement expires five years from the date it was filed in the office of the County Clerk. A new Fictitious Business Name Statement must be filed prior to that date. The filing of this statement does not of itself authorize the use in this state of a Fictitious Business Name in violation of the rights of another under Federal, State, or common law (See section 14411 et seq. Business and Professions Code) Publish: Mountain Views News Dates Pub: Nov. 07, 14, 21, 28, 2015
FICTITIOUS BUSINESS NAME STATEMENT FILE NO. 2015-277954
The following person(s) is (are) doing business as: CARE IN FLASH, 10040 IMPERIAL HWY. #09, DOWNEY, CA 90242. Full name of registrant(s) is (are) CARE IN FLASH, INC., 10040 IMPERIAL HWY. #09, DOWNEY, CA 90242. This Business is conducted by: A CORPORATION. Signed: RAHUL PRAVIN PATEL. This statement was filed with the County Clerk of Los Angeles County on 10/30/2015. The registrant(s) has (have) commenced to transact business under the fictitious business name or names listed above on N/A. NOTICE- This Fictitious Name Statement expires five years from the date it was filed in the office of the County Clerk. A new Fictitious Business Name Statement must be filed prior to that date. The filing of this statement does not of itself authorize the use in this state of a Fictitious Business Name in violation of the rights of another under Federal, State, or common law (See section 14411 et seq. Business and Professions Code) Publish: Mountain Views News Dates Pub: Nov. 07, 14, 21, 28, 2015
FICTITIOUS BUSINESS NAME STATEMENT FILE NO. 2015-278847
The following person(s) is (are) doing business as: CINA URGENT CARE, 535 WILSHIRE BLVD. STE 535, BEVERLY HILLS, CA 90211. Full name of registrant(s) is (are) CINA SURGERY, 8549 WILSHIRE BLVD. STE 535, BEVERLY HILLS, CA 90211. This Business is conducted by: A CORPORATION. Signed: DR. MORAD TOURAJI. This statement was filed with the County Clerk of Los Angeles County on 10/30/2015. The registrant(s) has (have) commenced to transact business under the fictitious business name or names listed above on 10/01/2015. NOTICE- This Fictitious Name Statement expires five years from the date it was filed in the office of the County Clerk. A new Fictitious Business Name Statement must be filed prior to that date. The filing of this statement does not of itself authorize the use in this state of a Fictitious Business Name in violation of the rights of another under Federal, State, or common law (See section 14411 et seq. Business and Professions Code) Publish: Mountain Views News Dates Pub: Nov. 07, 14, 21, 28, 2015
FICTITIOUS BUSINESS NAME STATEMENT FILE NO. 2015-280559
The following person(s) is (are) doing business as: CITY TRADING WHOLESALE, 3171 LOS FELIZ BLVD. STE. #100A, L.A., CA 90039. Full name of registrant(s) is (are) SAMUEL HARUTYUNYAN, 1551 N. KENMORE AVE. APT. 12, L.A., CA 90027. This Business is conducted by: AN INDIVIDUAL. Signed: SAMUEL HARUTYUNYAN. This statement was filed with the County Clerk of Los Angeles County on 11/02/2015. The registrant(s) has (have) commenced to transact business under the fictitious business name or names listed above on 10/10/2015. NOTICE- This Fictitious Name Statement expires five years from the date it was filed in the office of the County Clerk. A new Fictitious Business Name Statement must be filed prior to that date. The filing of this statement does not of itself authorize the use in this state of a Fictitious Business Name in violation of the rights of another under Federal, State, or common law (See section 14411 et seq. Business and Professions Code) Publish: Mountain Views News Dates Pub: Nov. 07, 14, 21, 28, 2015
FICTITIOUS BUSINESS NAME STATEMENT FILE NO. 2015-281772
The following person(s) is (are) doing business as: DRYWEIGHT PAINTING, PREMIUM QUALITY PAINTING, CRS CONSTRUCTION & DEVELOPMENT CORP., 1130 S. FIRST AVE., ARCADIA, CA 91006. Full name of registrant(s) is (are) CRS CONSTRUCTION & DEVELOPMENT CORP., 1130 S. FIRST AVE., ARCADIA, CA 91006. This Business is conducted by: A CORPORATION. Signed: SHIRLEY LIN FLORES. This statement was filed with the County Clerk of Los Angeles County on 11/05/2015. The registrant(s) has (have) commenced to transact business under the fictitious business name or names listed above on N/A. NOTICE- This Fictitious Name Statement expires five years from the date it was filed in the office of the County Clerk. A new Fictitious Business Name Statement must be filed prior to that date. The filing of this statement does not of itself authorize the use in this state of a Fictitious Business Name in violation of the rights of another under Federal, State, or common law (See section 14411 et seq. Business and Professions Code) Publish: Mountain Views News Dates Pub: Nov. 07, 14, 21, 28, 2015
FICTITIOUS BUSINESS NAME STATEMENT FILE NO. 2015-280519
The following person(s) is (are) doing business as: ELIZABETH MOBILE PHLEBOTOMIST, 1340 MARTIN L. KING JR. AVE., LONG BEACH, CA 90813. Full name of registrant(s) is (are) ELIZABETH RODRIGUEZ, 1340 MARTIN L. KING JR. AVE., LONG BEACH, CA 90813. This Business is conducted by: AN INDIVIDUAL. Signed: ELIZABETH RODRIGUEZ. This statement was filed with the County Clerk of Los Angeles County on 11/03/2015. The registrant(s) has (have) commenced to transact business under the fictitious business name or names listed above on N/A. NOTICE- This Fictitious Name Statement expires five years from the date it was filed in the office of the County Clerk. A new Fictitious Business Name Statement must be filed prior to that date. The filing of this statement does not of itself authorize the use in this state of a Fictitious Business Name in violation of the rights of another under Federal, State, or common law (See section 14411 et seq. Business and Professions Code) Publish: Mountain Views News Dates Pub: Nov. 07, 14, 21, 28, 2015
FICTITIOUS BUSINESS NAME STATEMENT FILE NO. 2015-283897
The following person(s) is (are) doing business as: ELY'S DISCOUNT AND PARTY SUPPLY, 4123 BROADWAY, L.A., CA 90037. Full name of registrant(s) is (are) PABLO LEON COBIAN, 202 W. 82nd ST., L.A., CA 90003. This Business is conducted by: AN INDIVIDUAL. Signed: PABLO LEON COBIAN. This statement was filed with the County Clerk of Los Angeles County on 11/06/2015. The registrant(s) has (have) commenced to transact business under the fictitious business name or names listed above on N/A. NOTICE- This Fictitious Name Statement expires five years from the date it was filed in the office of the County Clerk. A new Fictitious Business Name Statement must be filed prior to that date. The filing of this statement does not of itself authorize the use in this state of a Fictitious Business Name in violation of the rights of another under Federal, State, or common law (See section 14411 et seq. Business and Professions Code) Publish: Mountain Views News Dates Pub: Nov. 07, 14, 21, 28, 2015
FICTITIOUS BUSINESS NAME STATEMENT FILE NO. 2015-282969
The following person(s) is (are) doing business as: ERIC ESTENZO - ELESTE, SHIPBITE 3, 841 N. GARFIELD AVE., PASADENA, CA 91104. Full name of registrant(s) is (are) ERIC LEE ESTENZO, 841 N. GARFIELD AVE., PASADENA, CA 91104. This Business is conducted by: AN INDIVIDUAL. Signed: ERIC LEE ESTENZO. This statement was filed with the County Clerk of Los Angeles County on 11/04/2015. The registrant(s) has (have) commenced to transact business under the fictitious business name or names listed above on N/A. NOTICE- This Fictitious Name Statement expires five years from the date it was filed in the office of the County Clerk. A new Fictitious Business Name Statement must be filed prior to that date. The filing of this statement does not of itself authorize the use in this state of a Fictitious Business Name in violation of the rights of another under Federal, State, or common law (See section 14411 et seq. Business and Professions Code) Publish: Mountain Views News Dates Pub: Nov. 07, 14, 21, 28, 2015
FICTITIOUS BUSINESS NAME STATEMENT FILE NO. 2015-281990
The following person(s) is (are) doing business as: EZ AUTO REGISTRATION, AUTO INSURANCE, 308 S. FIGUEROA ST. STE 208, L.A., CA 90012. Full name of registrant(s) is (are) MARILIN ELIZABETH CORDOVA, 3982 S. FIGUEROA ST., L.A., CA 90037. This Business is conducted by: AN INDIVIDUAL. Signed: MARILIN ELIZABETH CORDOVA. This statement was filed with the County Clerk of Los Angeles County on 11/04/2015. The registrant(s) has (have) commenced to transact business under the fictitious business name or names listed above on N/A. NOTICE- This Fictitious Name Statement expires five years from the date it was filed in the office of the County Clerk. A new Fictitious Business Name Statement must be filed prior to that date. The filing of this statement does not of itself authorize the use in this state of a Fictitious Business Name in violation of the rights of another under Federal, State, or common law (See section 14411 et seq. Business and Professions Code) Publish: Mountain Views News Dates Pub: Nov. 07, 14, 21, 28, 2015
FICTITIOUS BUSINESS NAME STATEMENT FILE NO. 2015-281691
The following person(s) is (are) doing business as: FRESH-N-TASTY DONUTS & CHINESE FOOD, 1415 W. GAGE AVE., L.A., CA 90047. Full name of registrant(s) is (are) SOMKHIAN PHU, 1415 W. GAGE AVE., L.A., CA 90047. This Business is conducted by: AN INDIVIDUAL. Signed: SOMKHIAN PHU. This statement was filed with the County Clerk of Los Angeles County on 11/04/2015. The registrant(s) has (have) commenced to transact business under the fictitious business name or names listed above on N/A. NOTICE- This Fictitious Name Statement expires five years from the date it was filed in the office of the County Clerk. A new Fictitious Business Name Statement must be filed prior to that date. The filing of this statement does not of itself authorize the use in this state of a Fictitious Business Name in violation of the rights of another under Federal, State, or common law (See section 14411 et seq. Business and Professions Code) Publish: Mountain Views News Dates Pub: Nov. 07, 14, 21, 28, 2015
FICTITIOUS BUSINESS NAME STATEMENT FILE NO. 2015-279099
The following person(s) is (are) doing business as: HENRY'S BIKES, 16237 INDIANA AVE., PARAMOUNT, CA 90723. Full name of registrant(s) is (are) HENRY LEE WILLIS, 16237 INDIANA AVE., PARAMOUNT, CA 90723. This Business is conducted by: AN INDIVIDUAL. Signed: HENRY LEE WILLIS. This statement was filed with the County Clerk of Los Angeles County on 11/02/2015. The registrant(s) has (have) commenced to transact business under the fictitious business name or names listed above on N/A. NOTICE- This Fictitious Name Statement expires five years from the date it was filed in the office of the County Clerk. A new Fictitious Business Name Statement must be filed prior to that date. The filing of this statement does not of itself authorize the use in this state of a Fictitious Business Name in violation of the rights of another under Federal, State, or common law (See section 14411 et seq. Business and Professions Code) Publish: Mountain Views News Dates Pub: Nov. 07, 14, 21, 28, 2015
FICTITIOUS BUSINESS NAME STATEMENT FILE NO. 2015-282840
The following person(s) is (are) doing business as: JAC GENERAL MERCHANDISE, 12901 LONG BEACH BLVD., LYNWOOD, CA 90262. Full name of registrant(s) is (are) BRENDA NOEMI CANEZ, 3738 BRADLEY ST., L.A., CA 90063; ARMANDO CANEZ, 3738 BRADLEY ST., L.A., CA 90063. This Business is conducted by: A GENERAL PARTNERSHIP. Signed: ARMANDO CANEZ. This statement was filed with the County Clerk of Los Angeles County on 11/04/2015. The registrant(s) has (have) commenced to transact business under the fictitious business name or names listed above on N/A. NOTICE- This Fictitious Name Statement expires five years from the date it was filed in the office of the County Clerk. A new Fictitious Business Name Statement must be filed prior to that date. The filing of this statement does not of itself authorize the use in this state of a Fictitious Business Name in violation of the rights of another under Federal, State, or common law (See section 14411 et seq. Business and Professions Code) Publish: Mountain Views News Dates Pub: Nov. 07, 14, 21, 28, 2015
FICTITIOUS BUSINESS NAME STATEMENT FILE NO. 2015-280900
The following person(s) is (are) doing business as: PROFESSIONAL MAINTENANCE AND CLEANING, 8338 4th ST., DOWNEY, CA 90241. Full name of registrant(s) is (are) MARGARITA LETICIA PATINO, 8338 4th ST., DOWNEY, CA 90241. This Business is conducted by: AN INDIVIDUAL. Signed: MARGARITA LETICIA PATINO. This statement was filed with the County Clerk of Los Angeles County on 11/04/2015. The registrant(s) has (have) commenced to transact business under the fictitious business name or names listed above on N/A. NOTICE- This Fictitious Name Statement expires five years from the date it was filed in the office of the County Clerk. A new Fictitious Business Name Statement must be filed prior to that date. The filing of this statement does not of itself authorize the use in this state of a Fictitious Business Name in violation of the rights of another under Federal, State, or common law (See section 14411 et seq. Business and Professions Code) Publish: Mountain Views News Dates Pub: Nov. 07, 14, 21, 28, 2015
FICTITIOUS BUSINESS NAME STATEMENT FILE NO. 2015-283619
The following person(s) is (are) doing business as: RAYMOND HOUSE POMONA, SAN BERNARDINO HOUSE, 445 W. GAREY AVE., POMONA, CA 91769. Full name of registrant(s) is (are) ALPHA RESIDENTIAL, INC., 445 W. GAREY AVE., POMONA, CA 91767. This Business is conducted by: A CORPORATION. Signed: VINCENT MOORE. This statement was filed with the County Clerk of Los Angeles County on 11/06/2015. The registrant(s) has (have) commenced to transact business under the fictitious business name or names listed above on N/A. NOTICE- This Fictitious Name Statement expires five years from the date it was filed in the office of the County Clerk. A new Fictitious Business Name Statement must be filed prior to that date. The filing of this statement does not of itself authorize the use in this state of a Fictitious Business Name in violation of the rights of another under Federal, State, or common law (See section 14411 et seq. Business and Professions Code) Publish: Mountain Views News Dates Pub: Nov. 07, 14, 21, 28, 2015
FICTITIOUS BUSINESS NAME STATEMENT FILE NO. 2015-283869
The following person(s) is (are) doing business as: HANDIES, 626 S. MARENGO AVE., PASADENA, CA 91106. Full name of registrant(s) is (are) DAN GARDNER, 626 S. MARENGO AVE., PASADENA, CA 91106. This Business is conducted by: AN INDIVIDUAL. Signed: DAWN RAY GARDNER. This statement was filed with the County Clerk of Los Angeles County on 11/05/2015. The registrant(s) has (have) commenced to transact business under the fictitious business name or names listed above on N/A. NOTICE- This Fictitious Name Statement expires five years from the date it was filed in the office of the County Clerk. A new Fictitious Business Name Statement must be filed prior to that date. The filing of this statement does not of itself authorize the use in this state of a Fictitious Business Name in violation of the rights of another under Federal, State, or common law (See section 14411 et seq. Business and Professions Code) Publish: Mountain Views News Dates Pub: Nov. 07, 14, 21, 28, 2015
FICTITIOUS BUSINESS NAME STATEMENT FILE NO. 2015-280570
The following person(s) is (are) doing business as: HIGH PERFORMANCE LUBE & TECH, 3475 FIRESTONE BLVD., SOUTH GATE, CA 90280. Full name of registrant(s) is (are) PETROLEUM HOLDINGS, INC., 3475 FIRESTONE BLVD., SOUTH GATE, CA 90280. This Business is conducted by: A CORPORATION. Signed: ALEXANDER MARTINEZ. This statement was filed with the County Clerk of Los Angeles County on 11/03/2015. The registrant(s) has (have) commenced to transact business under the fictitious business name or names listed above on N/A. NOTICE- This Fictitious Name Statement expires five years from the date it was filed in the office of the County Clerk. A new Fictitious Business Name Statement must be filed prior to that date. The filing of this statement does not of itself authorize the use in this state of a Fictitious Business Name in violation of the rights of another under Federal, State, or common law (See section 14411 et seq. Business and Professions Code) Publish: Mountain Views News Dates Pub: Nov. 07, 14, 21, 28, 2015
FICTITIOUS BUSINESS NAME STATEMENT FILE NO. 2015-282991
The following person(s) is (are) doing business as: J & C ELECTRICAL SERVICE, 5311 HUNTINGTON DR. N #2, L.A., CA 90032. Full name of registrant(s) is (are) CRUZ GOMEZ, 5311 HUNTINGTON DR. N. #42, L.A., CA 90032. This Business is conducted by: AN INDIVIDUAL. Signed: CRUZ GOMEZ. This statement was filed with the County Clerk of Los Angeles County on 11/04/2015. The registrant(s) has (have) commenced to transact business under the fictitious business name or names listed above on N/A. NOTICE- This Fictitious Name Statement expires five years from the date it was filed in the office of the County Clerk. A new Fictitious Business Name Statement must be filed prior to that date. The filing of this statement does not of itself authorize the use in this state of a Fictitious Business Name in violation of the rights of another under Federal, State, or common law (See section 14411 et seq. Business and Professions Code) Publish: Mountain Views News Dates Pub: Nov. 07, 14, 21, 28, 2015
FICTITIOUS BUSINESS NAME STATEMENT FILE NO. 2015-278167
The following person(s) is (are) doing business as: LOS DOWNS, 2495 ENTERPRISE ST., L.A., CA 90021. Full name of registrant(s) is (are) JOSE CRUZ CORDERO ORDUNA, 2495 ENTERPRISE ST., L.A., CA 90021. This Business is conducted by: AN INDIVIDUAL. Signed: JOSE CRUZ CORDERO ORDUNA. This statement was filed with the County Clerk of Los Angeles County on 10/30/2015. The registrant(s) has (have) commenced to transact business under the fictitious business name or names listed above on N/A. NOTICE- This Fictitious Name Statement expires five years from the date it was filed in the office of the County Clerk. A new Fictitious Business Name Statement must be filed prior to that date. The filing of this statement does not of itself authorize the use in this state of a Fictitious Business Name in violation of the rights of another under Federal, State, or common law (See section 14411 et seq. Business and Professions Code) Publish: Mountain Views News Dates Pub: Nov. 07, 14, 21, 28, 2015
FICTITIOUS BUSINESS NAME STATEMENT FILE NO. 2015-281575
The following person(s) is (are) doing business as: NGC LOVELY NAILS, 10601 GARVEY AVE. #1, EL MONTE, CA 91733. Full name of registrant(s) is (are) NHUNG THANH PHAM, 18644 ROSELEE RD., EL MONTE, CA 91733. This Business is conducted by: AN INDIVIDUAL. Signed: NHUNG THANH PHAM. This statement was filed with the County Clerk of Los Angeles County on 11/04/2015. The registrant(s) has (have) commenced to transact business under the fictitious business name or names listed above on N/A. NOTICE- This Fictitious Name Statement expires five years from the date it was filed in the office of the County Clerk. A new Fictitious Business Name Statement must be filed prior to that date. The filing of this statement does not of itself authorize the use in this state of a Fictitious Business Name in violation of the rights of another under Federal, State, or common law (See section 14411 et seq. Business and Professions Code) Publish: Mountain Views News Dates Pub: Nov. 07, 14, 21, 28, 2015
FICTITIOUS BUSINESS NAME STATEMENT FILE NO. 2015-277500
The following person(s) is (are) doing business as: LA MORENITA MEAT MARKET, 12101 GARFIELD AVE., SOUTH GATE, CA 90280. Full name of registrant(s) is (are) ANA G. PALENCIA, 12101 GARFIELD AVE., SOUTH GATE, CA 90280; RAMON PALENCIA, 12101 GARFIELD AVE., SOUTH GATE, CA 90280. This Business is conducted by: A GENERAL PARTNERSHIP. Signed: ANA G. PALENCIA. This statement was filed with the County Clerk of Los Angeles County on 10/29/2015. The registrant(s) has (have) commenced to transact business under the fictitious business name or names listed above on N/A. NOTICE- This Fictitious Name Statement expires five years from the date it was filed in the office of the County Clerk. A new Fictitious Business Name Statement must be filed prior to that date. The filing of this statement does not of itself authorize the use in this state of a Fictitious Business Name in violation of the rights of another under Federal, State, or common law (See section 14411 et seq. Business and Professions Code) Publish: Mountain Views News Dates Pub: Nov. 07, 14, 21, 28, 2015
FICTITIOUS BUSINESS NAME STATEMENT FILE NO. 2015-279984
The following person(s) is (are) doing business as: L.A. TRUCK PARTS, 8355 E. SAN JUAN ST. #226, PARAMOUNT, CA 90723. Full name of registrant(s) is (are) JOHN HARRIS, 15311 GREENMAPLE AVE. #226, PARAMOUNT, CA 90723. This Business is conducted by: AN INDIVIDUAL. Signed: JOHN HARRIS. This statement was filed with the County Clerk of Los Angeles County on 11/02/2015. The registrant(s) has (have) commenced to transact business under the fictitious business name or names listed above on N/A. NOTICE- This Fictitious Name Statement expires five years from the date it was filed in the office of the County Clerk. A new Fictitious Business Name Statement must be filed prior to that date. The filing of this statement does not of itself authorize the use in this state of a Fictitious Business Name in violation of the rights of another under Federal, State, or common law (See section 14411 et seq. Business and Professions Code) Publish: Mountain Views News Dates Pub: Nov. 07, 14, 21, 28, 2015
FICTITIOUS BUSINESS NAME STATEMENT FILE NO. 2015-279355
The following person(s) is (are) doing business as: LOST ART LIQUIDS, 155 W. WASHINGTON BLVD. UNIT 1107, L.A., CA 90015. Full name of registrant(s) is (are) LOST ART LIQUIDS, LLC, 155 W. WASHINGTON BLVD. UNIT 1107, L.A., CA 90015. This Business is conducted by: A LIMITED LIABILITY COMPANY. Signed: BRIAN WORTH. This statement was filed with the County Clerk of Los Angeles County on 11/02/2015. The registrant(s) has (have) commenced to transact business under the fictitious business name or names listed above on N/A. NOTICE- This Fictitious Name Statement expires five years from the date it was filed in the office of the County Clerk. A new Fictitious Business Name Statement must be filed prior to that date. Publish: Mountain Views News Dates Pub: Nov. 07, 14, 21, 28, 2015
Mountain Views News 80 W Sierra Madre Blvd. No. 327 Sierra Madre, Ca. 91024 Office: 626.355.2737 Fax: 626.609.3285 Email: editor@mtnviewsnews.com Website: www.mtnviewsnews.com
